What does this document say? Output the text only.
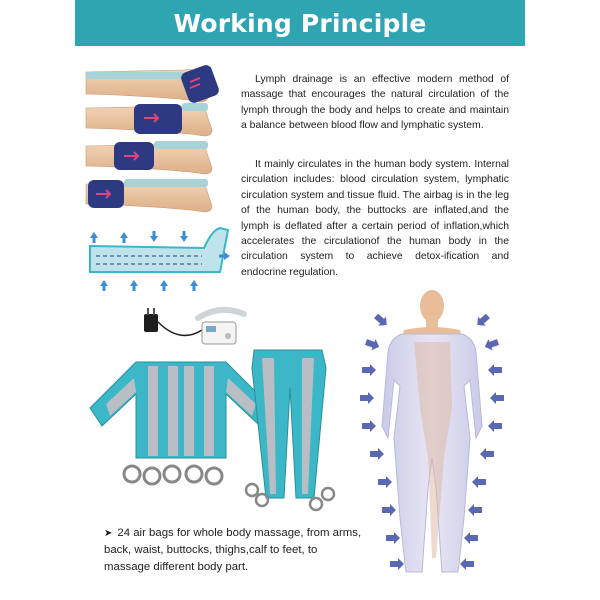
Working Principle

Lymph drainage is an effective modern method of massage that encourages the natural circulation of the lymph through the body and helps to create and maintain a balance between blood flow and lymphatic system.

It mainly circulates in the human body system. Internal circulation includes: blood circulation system, lymphatic circulation system and tissue fluid. The airbag is in the leg of the human body, the buttocks are inflated,and the lymph is deflated after a certain period of inflation,which accelerates the circulationof the human body in the circulation system to achieve detox-ification and endocrine regulation.

➤ 24 air bags for whole body massage, from arms, back, waist, buttocks, thighs,calf to feet, to massage different body part.
